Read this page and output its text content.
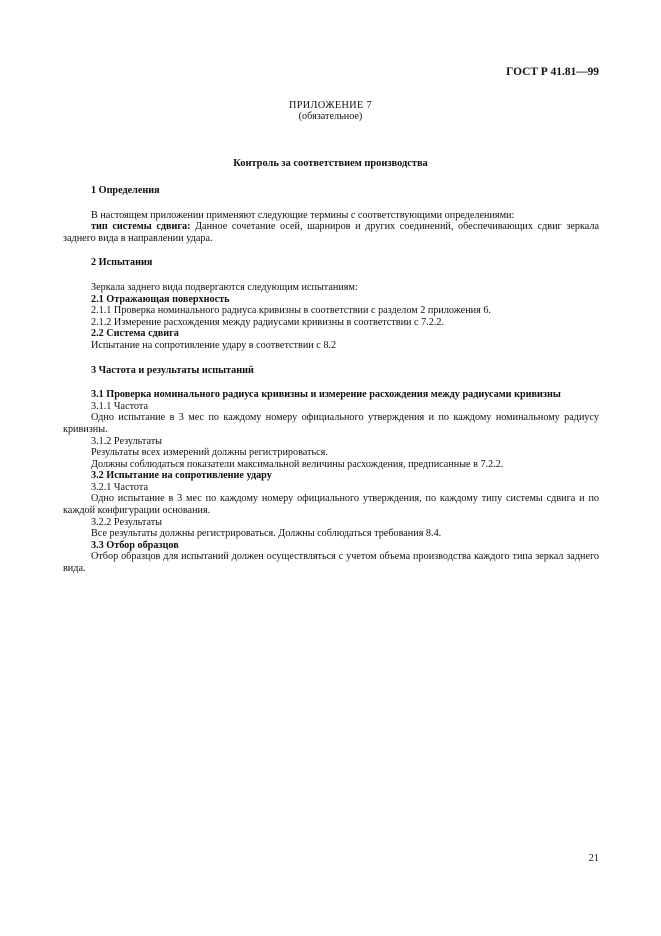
ГОСТ Р 41.81—99
ПРИЛОЖЕНИЕ 7
(обязательное)
Контроль за соответствием производства

1 Определения

В настоящем приложении применяют следующие термины с соответствующими определениями:

тип системы сдвига: Данное сочетание осей, шарниров и других соединений, обеспечивающих сдвиг зеркала заднего вида в направлении удара.

2 Испытания

Зеркала заднего вида подвергаются следующим испытаниям:

2.1 Отражающая поверхность

2.1.1 Проверка номинального радиуса кривизны в соответствии с разделом 2 приложения 6.

2.1.2 Измерение расхождения между радиусами кривизны в соответствии с 7.2.2.

2.2 Система сдвига

Испытание на сопротивление удару в соответствии с 8.2

3 Частота и результаты испытаний

3.1 Проверка номинального радиуса кривизны и измерение расхождения между радиусами кривизны

3.1.1 Частота

Одно испытание в 3 мес по каждому номеру официального утверждения и по каждому номинальному радиусу кривизны.

3.1.2 Результаты

Результаты всех измерений должны регистрироваться.

Должны соблюдаться показатели максимальной величины расхождения, предписанные в 7.2.2.

3.2 Испытание на сопротивление удару

3.2.1 Частота

Одно испытание в 3 мес по каждому номеру официального утверждения, по каждому типу системы сдвига и по каждой конфигурации основания.

3.2.2 Результаты

Все результаты должны регистрироваться. Должны соблюдаться требования 8.4.

3.3 Отбор образцов

Отбор образцов для испытаний должен осуществляться с учетом объема производства каждого типа зеркал заднего вида.

21
